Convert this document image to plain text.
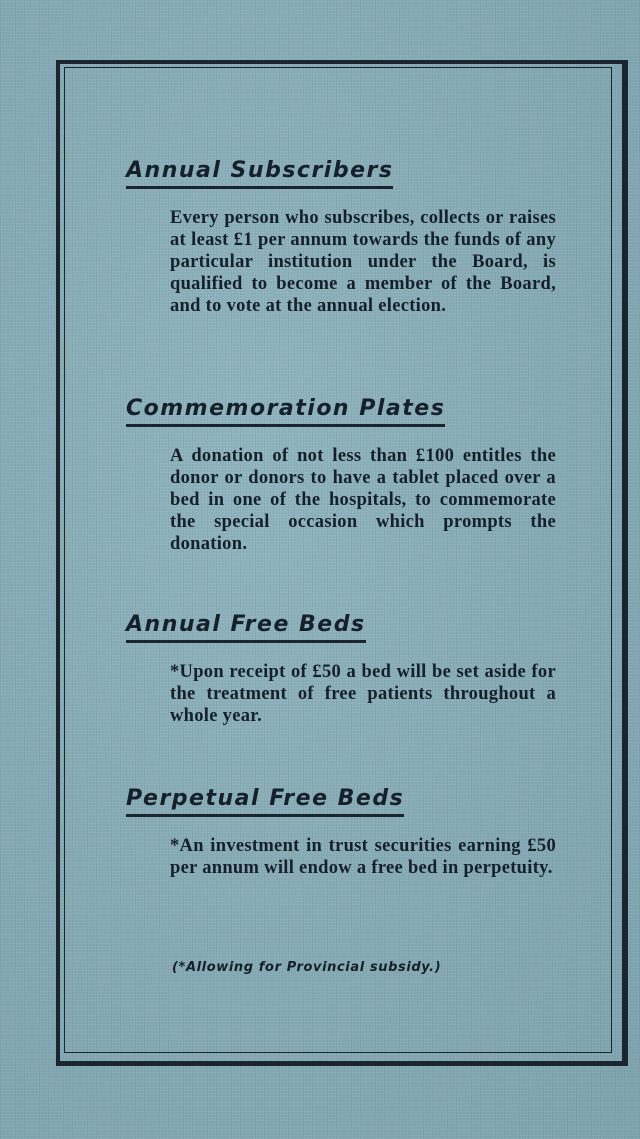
Annual Subscribers
Every person who subscribes, collects or raises at least £1 per annum towards the funds of any particular institution under the Board, is qualified to become a member of the Board, and to vote at the annual election.
Commemoration Plates
A donation of not less than £100 entitles the donor or donors to have a tablet placed over a bed in one of the hospitals, to commemorate the special occasion which prompts the donation.
Annual Free Beds
*Upon receipt of £50 a bed will be set aside for the treatment of free patients throughout a whole year.
Perpetual Free Beds
*An investment in trust securities earning £50 per annum will endow a free bed in perpetuity.
(*Allowing for Provincial subsidy.)
